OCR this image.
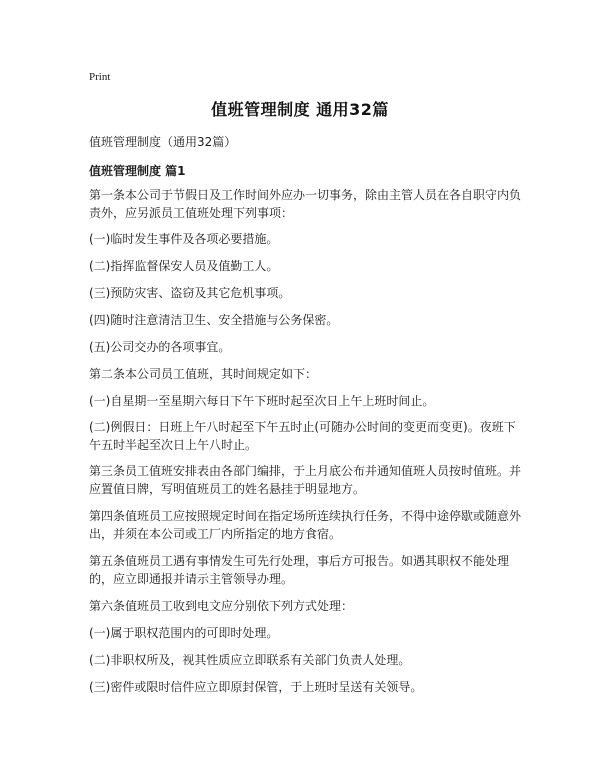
Print
值班管理制度 通用32篇
值班管理制度（通用32篇）
值班管理制度 篇1

第一条本公司于节假日及工作时间外应办一切事务，除由主管人员在各自职守内负责外，应另派员工值班处理下列事项：

(一)临时发生事件及各项必要措施。

(二)指挥监督保安人员及值勤工人。

(三)预防灾害、盗窃及其它危机事项。

(四)随时注意清洁卫生、安全措施与公务保密。

(五)公司交办的各项事宜。

第二条本公司员工值班，其时间规定如下：

(一)自星期一至星期六每日下午下班时起至次日上午上班时间止。

(二)例假日：日班上午八时起至下午五时止(可随办公时间的变更而变更)。夜班下午五时半起至次日上午八时止。

第三条员工值班安排表由各部门编排，于上月底公布并通知值班人员按时值班。并应置值日牌，写明值班员工的姓名悬挂于明显地方。

第四条值班员工应按照规定时间在指定场所连续执行任务，不得中途停歇或随意外出，并须在本公司或工厂内所指定的地方食宿。

第五条值班员工遇有事情发生可先行处理，事后方可报告。如遇其职权不能处理的，应立即通报并请示主管领导办理。

第六条值班员工收到电文应分别依下列方式处理：

(一)属于职权范围内的可即时处理。

(二)非职权所及，视其性质应立即联系有关部门负责人处理。

(三)密件或限时信件应立即原封保管，于上班时呈送有关领导。
